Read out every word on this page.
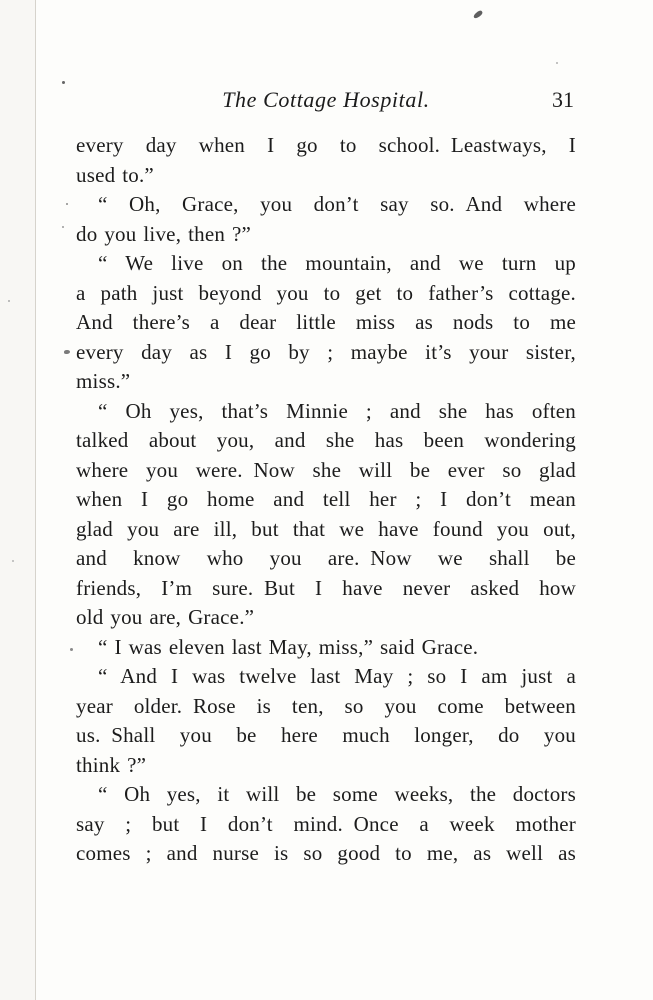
The Cottage Hospital.	31
every day when I go to school. Leastways, I
used to.”
“ Oh, Grace, you don’t say so. And where
do you live, then ?”
“ We live on the mountain, and we turn up
a path just beyond you to get to father’s cottage.
And there’s a dear little miss as nods to me
every day as I go by ; maybe it’s your sister,
miss.”
“ Oh yes, that’s Minnie ; and she has often
talked about you, and she has been wondering
where you were. Now she will be ever so glad
when I go home and tell her ; I don’t mean
glad you are ill, but that we have found you out,
and know who you are. Now we shall be
friends, I’m sure. But I have never asked how
old you are, Grace.”
“ I was eleven last May, miss,” said Grace.
“ And I was twelve last May ; so I am just a
year older. Rose is ten, so you come between
us. Shall you be here much longer, do you
think ?”
“ Oh yes, it will be some weeks, the doctors
say ; but I don’t mind. Once a week mother
comes ; and nurse is so good to me, as well as
